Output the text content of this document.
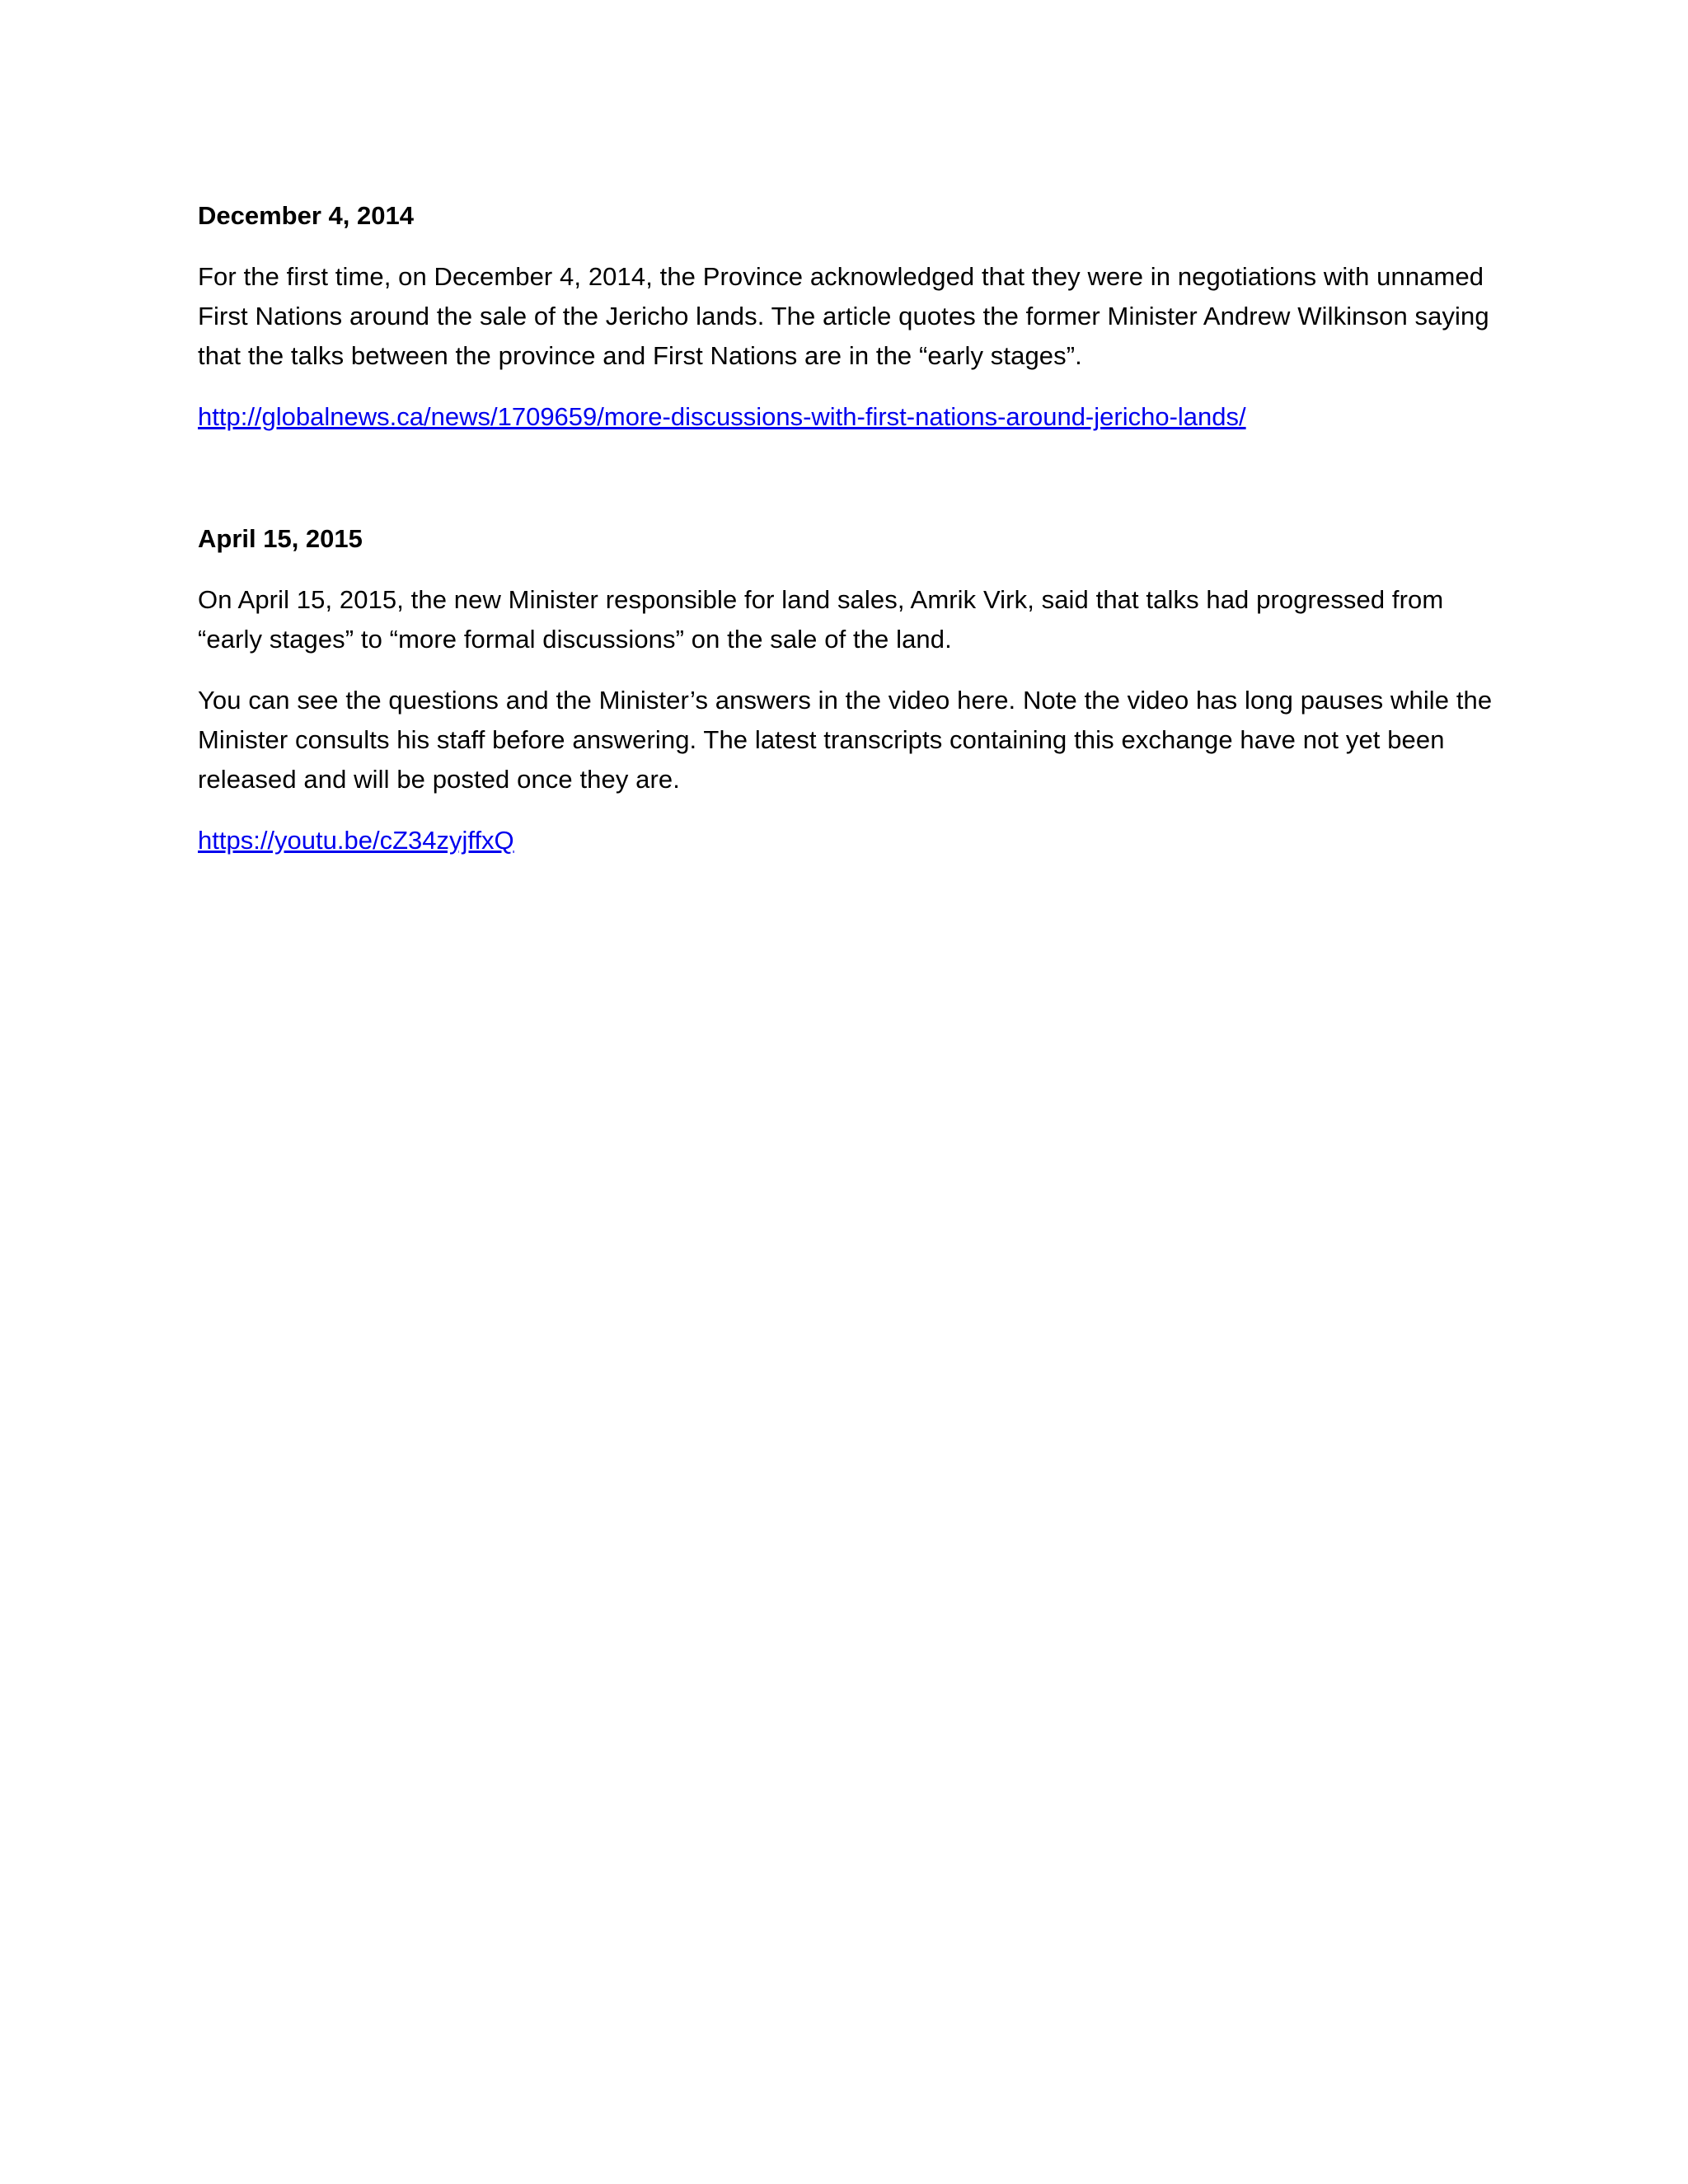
December 4, 2014

For the first time, on December 4, 2014, the Province acknowledged that they were in negotiations with unnamed First Nations around the sale of the Jericho lands. The article quotes the former Minister Andrew Wilkinson saying that the talks between the province and First Nations are in the “early stages”.

http://globalnews.ca/news/1709659/more-discussions-with-first-nations-around-jericho-lands/
April 15, 2015

On April 15, 2015, the new Minister responsible for land sales, Amrik Virk, said that talks had progressed from “early stages” to “more formal discussions” on the sale of the land.

You can see the questions and the Minister’s answers in the video here. Note the video has long pauses while the Minister consults his staff before answering. The latest transcripts containing this exchange have not yet been released and will be posted once they are.

https://youtu.be/cZ34zyjffxQ
